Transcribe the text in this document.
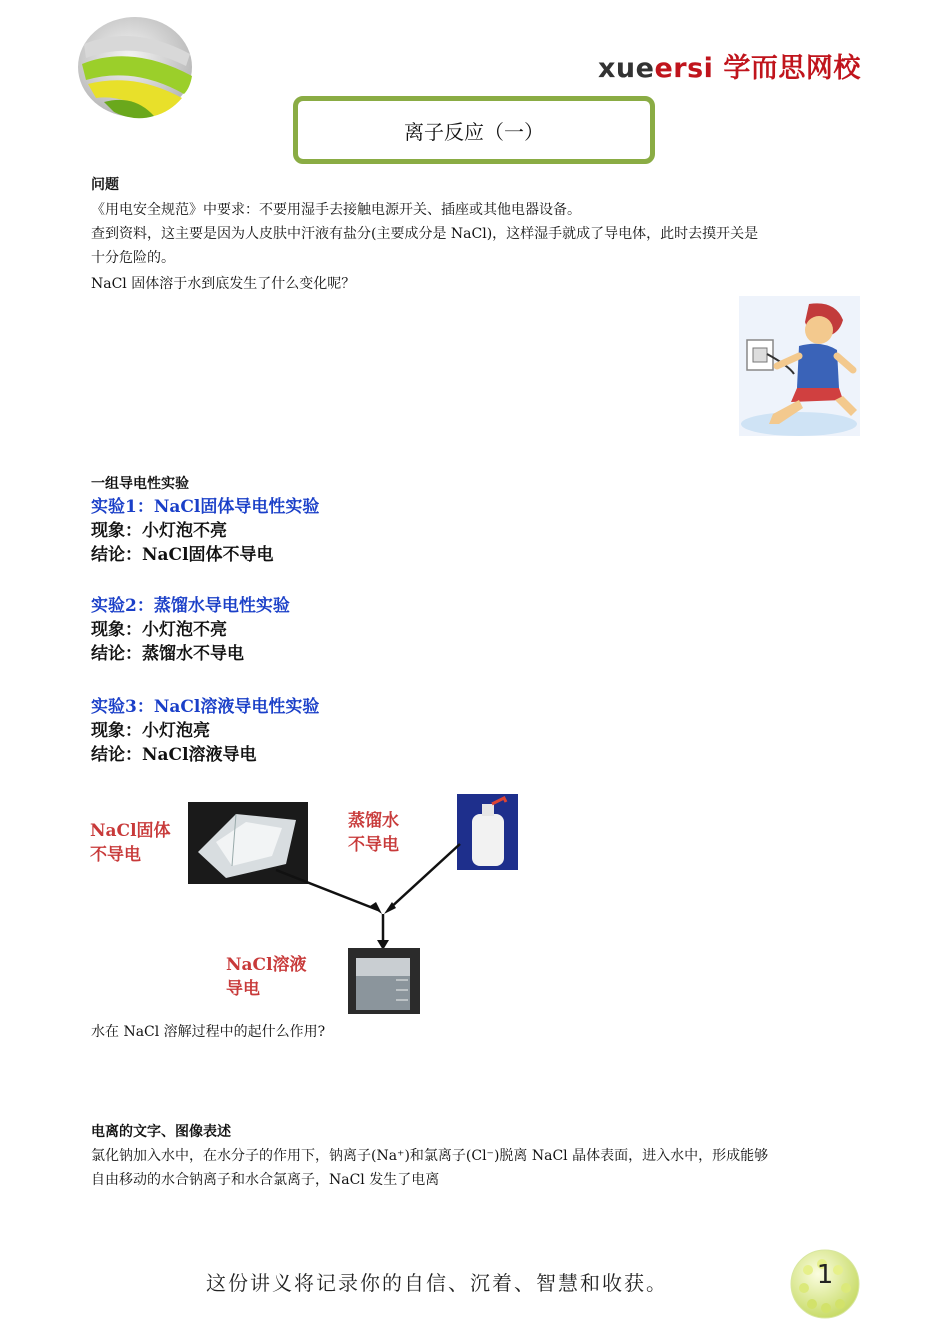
xueersi 学而思网校
离子反应（一）
问题
《用电安全规范》中要求：不要用湿手去接触电源开关、插座或其他电器设备。
查到资料，这主要是因为人皮肤中汗液有盐分(主要成分是 NaCl)，这样湿手就成了导电体，此时去摸开关是
十分危险的。
NaCl 固体溶于水到底发生了什么变化呢？
一组导电性实验
实验1：NaCl固体导电性实验
现象：小灯泡不亮
结论：NaCl固体不导电
实验2：蒸馏水导电性实验
现象：小灯泡不亮
结论：蒸馏水不导电
实验3：NaCl溶液导电性实验
现象：小灯泡亮
结论：NaCl溶液导电
NaCl固体
不导电
蒸馏水
不导电
NaCl溶液
导电
水在 NaCl 溶解过程中的起什么作用?
电离的文字、图像表述
氯化钠加入水中，在水分子的作用下，钠离子(Na⁺)和氯离子(Cl⁻)脱离 NaCl 晶体表面，进入水中，形成能够
自由移动的水合钠离子和水合氯离子，NaCl 发生了电离
这份讲义将记录你的自信、沉着、智慧和收获。	1
